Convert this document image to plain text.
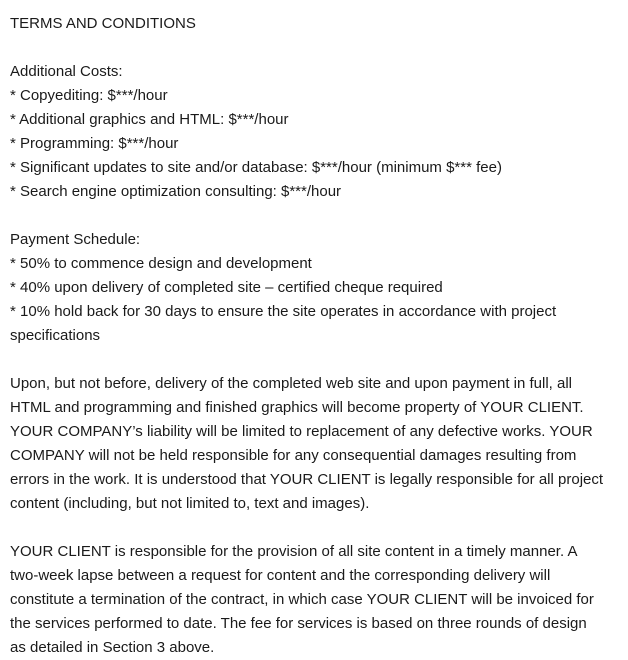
TERMS AND CONDITIONS
Additional Costs:
* Copyediting: $***/hour
* Additional graphics and HTML: $***/hour
* Programming: $***/hour
* Significant updates to site and/or database: $***/hour (minimum $*** fee)
* Search engine optimization consulting: $***/hour
Payment Schedule:
* 50% to commence design and development
* 40% upon delivery of completed site – certified cheque required
* 10% hold back for 30 days to ensure the site operates in accordance with project
specifications
Upon, but not before, delivery of the completed web site and upon payment in full, all
HTML and programming and finished graphics will become property of YOUR CLIENT.
YOUR COMPANY’s liability will be limited to replacement of any defective works. YOUR
COMPANY will not be held responsible for any consequential damages resulting from
errors in the work. It is understood that YOUR CLIENT is legally responsible for all project
content (including, but not limited to, text and images).
YOUR CLIENT is responsible for the provision of all site content in a timely manner. A
two-week lapse between a request for content and the corresponding delivery will
constitute a termination of the contract, in which case YOUR CLIENT will be invoiced for
the services performed to date. The fee for services is based on three rounds of design
as detailed in Section 3 above.
